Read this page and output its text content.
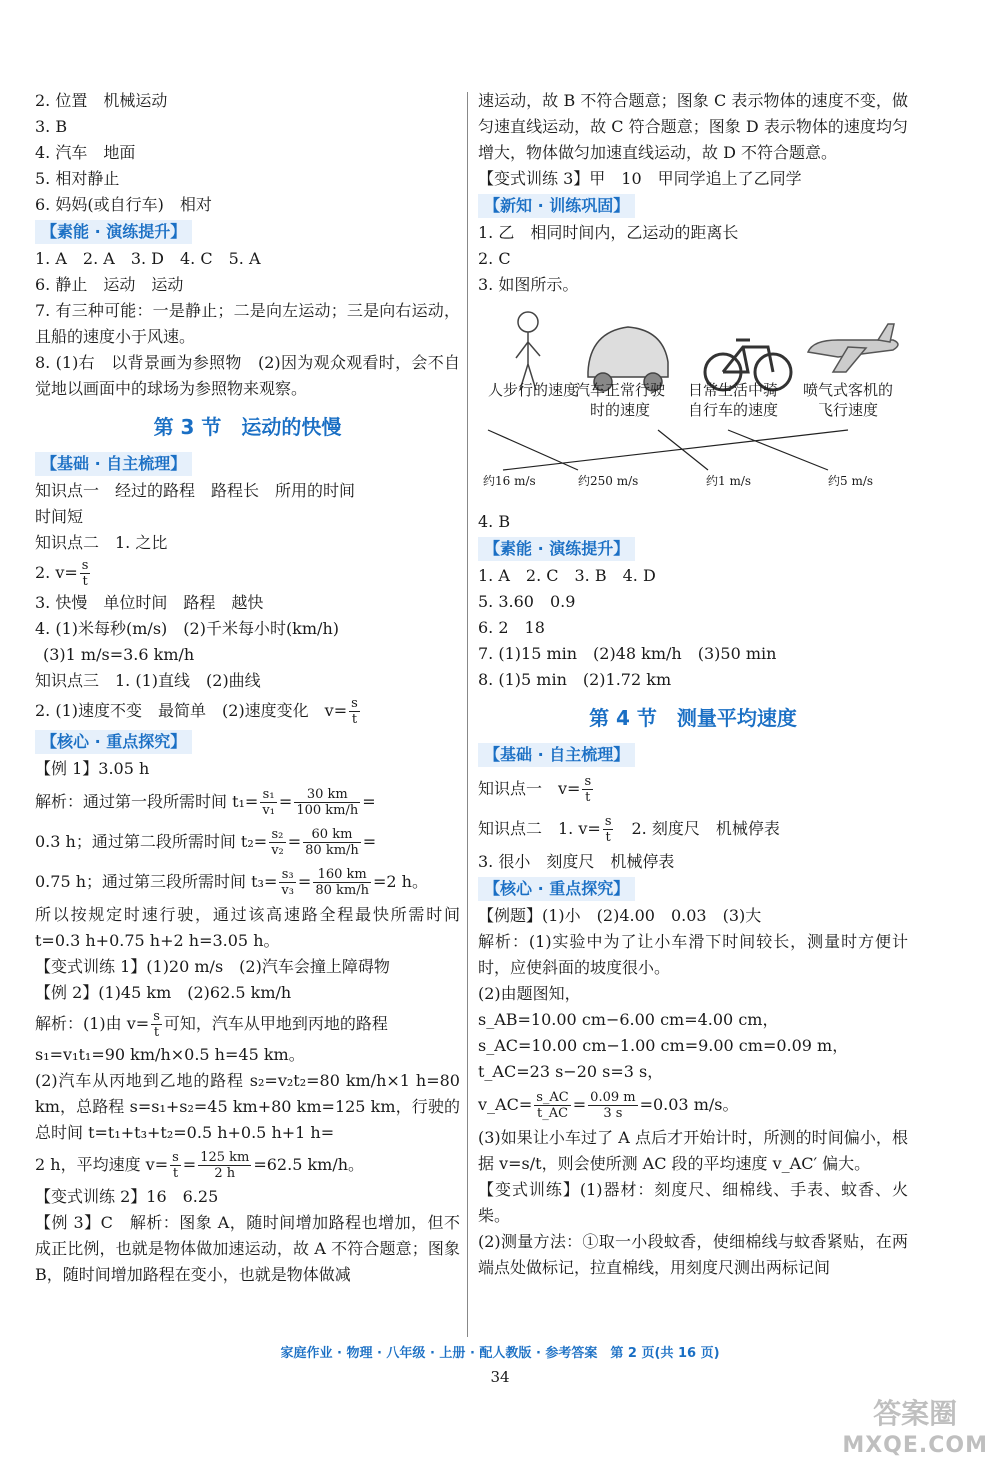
2. 位置　机械运动
3. B
4. 汽车　地面
5. 相对静止
6. 妈妈(或自行车)　相对
【素能 · 演练提升】
1. A　2. A　3. D　4. C　5. A
6. 静止　运动　运动
7. 有三种可能：一是静止；二是向左运动；三是向右运动，且船的速度小于风速。
8. (1)右　以背景画为参照物　(2)因为观众观看时，会不自觉地以画面中的球场为参照物来观察。
第 3 节　运动的快慢
【基础 · 自主梳理】
知识点一　经过的路程　路程长　所用的时间
时间短
知识点二　1. 之比
2. $v= \frac{s}{t}$
3. 快慢　单位时间　路程　越快
4. (1)米每秒(m/s)　(2)千米每小时(km/h)
(3)1 m/s=3.6 km/h
知识点三　1. (1)直线　(2)曲线
2. (1)速度不变　最简单　(2)速度变化　$v= \frac{s}{t}$
【核心 · 重点探究】
【例 1】3.05 h
解析：通过第一段所需时间 $t_1= \frac{\text{s₁}}{\text{v₁}} = \frac{30 km}{100 km/h}$ =
0.3 h；通过第二段所需时间 $t_2= \frac{\text{s₂}}{\text{v₂}} = \frac{60 km}{80 km/h}$ =
0.75 h；通过第三段所需时间 $t_3= \frac{\text{s₃}}{\text{v₃}} = \frac{160 km}{80 km/h} =2$ h。
所以按规定时速行驶，通过该高速路全程最快所需时间 t=0.3 h+0.75 h+2 h=3.05 h。
【变式训练 1】(1)20 m/s　(2)汽车会撞上障碍物
【例 2】(1)45 km　(2)62.5 km/h
解析：(1)由 $v= \frac{s}{t}$ 可知，汽车从甲地到丙地的路程
s₁=v₁t₁=90 km/h×0.5 h=45 km。
(2)汽车从丙地到乙地的路程 s₂=v₂t₂=80 km/h×1 h=80 km，总路程 s=s₁+s₂=45 km+80 km=125 km，行驶的总时间 t=t₁+t₃+t₂=0.5 h+0.5 h+1 h=
2 h，平均速度 $v= \frac{s}{t} = \frac{125 km}{2 h} =62.5$ km/h。
【变式训练 2】16　6.25
【例 3】C　解析：图象 A，随时间增加路程也增加，但不成正比例，也就是物体做加速运动，故 A 不符合题意；图象 B，随时间增加路程在变小，也就是物体做减
速运动，故 B 不符合题意；图象 C 表示物体的速度不变，做匀速直线运动，故 C 符合题意；图象 D 表示物体的速度均匀增大，物体做匀加速直线运动，故 D 不符合题意。
【变式训练 3】甲　10　甲同学追上了乙同学
【新知 · 训练巩固】
1. 乙　相同时间内，乙运动的距离长
2. C
3. 如图所示。
人步行的速度
汽车正常行驶时的速度
日常生活中骑自行车的速度
喷气式客机的飞行速度
约16 m/s	约250 m/s	约1 m/s	约5 m/s
4. B
【素能 · 演练提升】
1. A　2. C　3. B　4. D
5. 3.60　0.9
6. 2　18
7. (1)15 min　(2)48 km/h　(3)50 min
8. (1)5 min　(2)1.72 km
第 4 节　测量平均速度
【基础 · 自主梳理】
知识点一　$v= \frac{s}{t}$
知识点二　1. $v= \frac{s}{t}$
　 2. 刻度尺　机械停表
3. 很小　刻度尺　机械停表
【核心 · 重点探究】
【例题】(1)小　(2)4.00　0.03　(3)大
解析：(1)实验中为了让小车滑下时间较长，测量时方便计时，应使斜面的坡度很小。
(2)由题图知，
s_AB=10.00 cm−6.00 cm=4.00 cm，
s_AC=10.00 cm−1.00 cm=9.00 cm=0.09 m，
t_AC=23 s−20 s=3 s，
v_AC= $\frac{s\_AC}{t\_AC} = \frac{0.09 m}{3 s} =0.03$ m/s。
(3)如果让小车过了 A 点后才开始计时，所测的时间偏小，根据 v=s/t，则会使所测 AC 段的平均速度 v_AC′ 偏大。
【变式训练】(1)器材：刻度尺、细棉线、手表、蚊香、火柴。
(2)测量方法：①取一小段蚊香，使细棉线与蚊香紧贴，在两端点处做标记，拉直棉线，用刻度尺测出两标记间
家庭作业 · 物理 · 八年级 · 上册 · 配人教版 · 参考答案　第 2 页(共 16 页)
34
答案圈
MXQE.COM
